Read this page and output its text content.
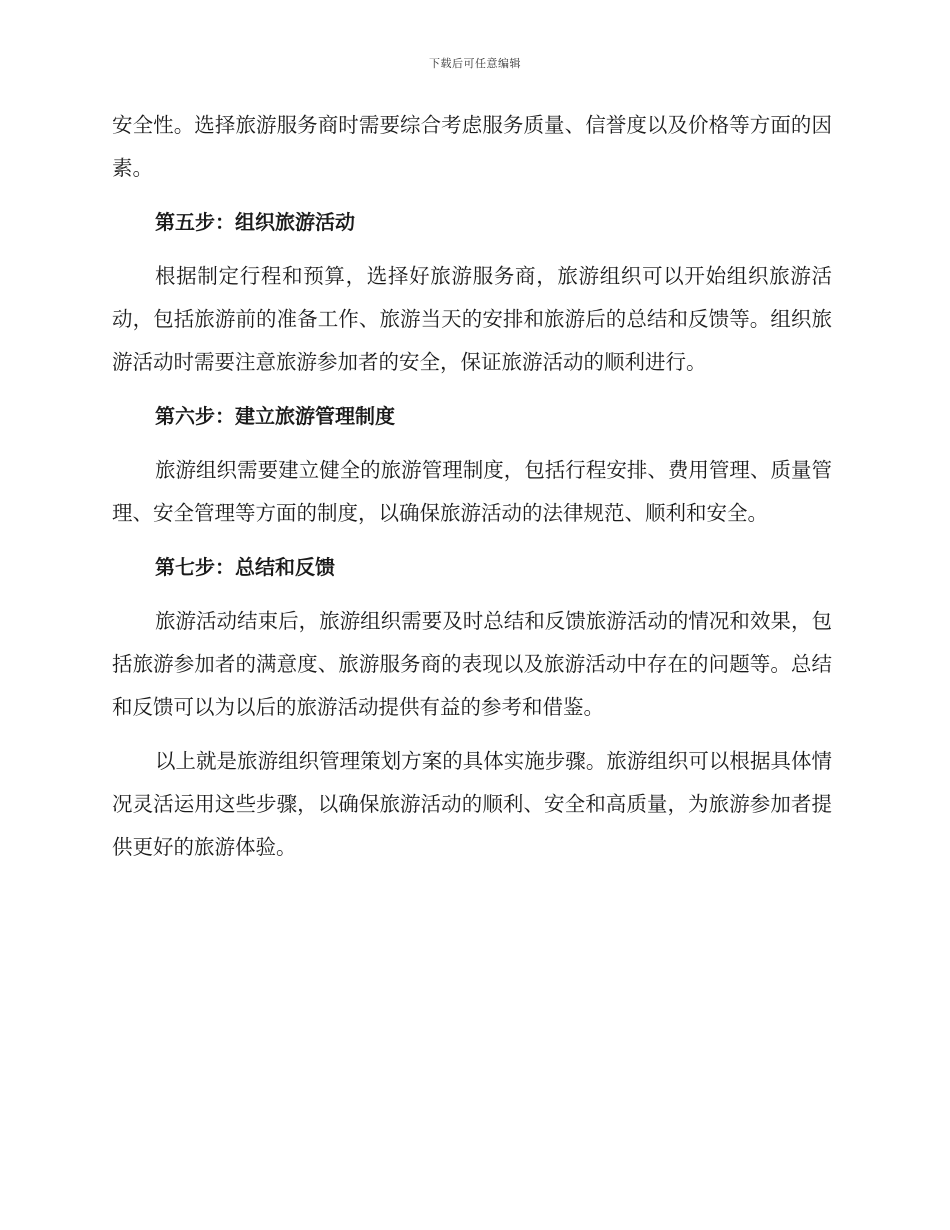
下载后可任意编辑

安全性。选择旅游服务商时需要综合考虑服务质量、信誉度以及价格等方面的因素。

第五步：组织旅游活动

根据制定行程和预算，选择好旅游服务商，旅游组织可以开始组织旅游活动，包括旅游前的准备工作、旅游当天的安排和旅游后的总结和反馈等。组织旅游活动时需要注意旅游参加者的安全，保证旅游活动的顺利进行。

第六步：建立旅游管理制度

旅游组织需要建立健全的旅游管理制度，包括行程安排、费用管理、质量管理、安全管理等方面的制度，以确保旅游活动的法律规范、顺利和安全。

第七步：总结和反馈

旅游活动结束后，旅游组织需要及时总结和反馈旅游活动的情况和效果，包括旅游参加者的满意度、旅游服务商的表现以及旅游活动中存在的问题等。总结和反馈可以为以后的旅游活动提供有益的参考和借鉴。

以上就是旅游组织管理策划方案的具体实施步骤。旅游组织可以根据具体情况灵活运用这些步骤，以确保旅游活动的顺利、安全和高质量，为旅游参加者提供更好的旅游体验。
